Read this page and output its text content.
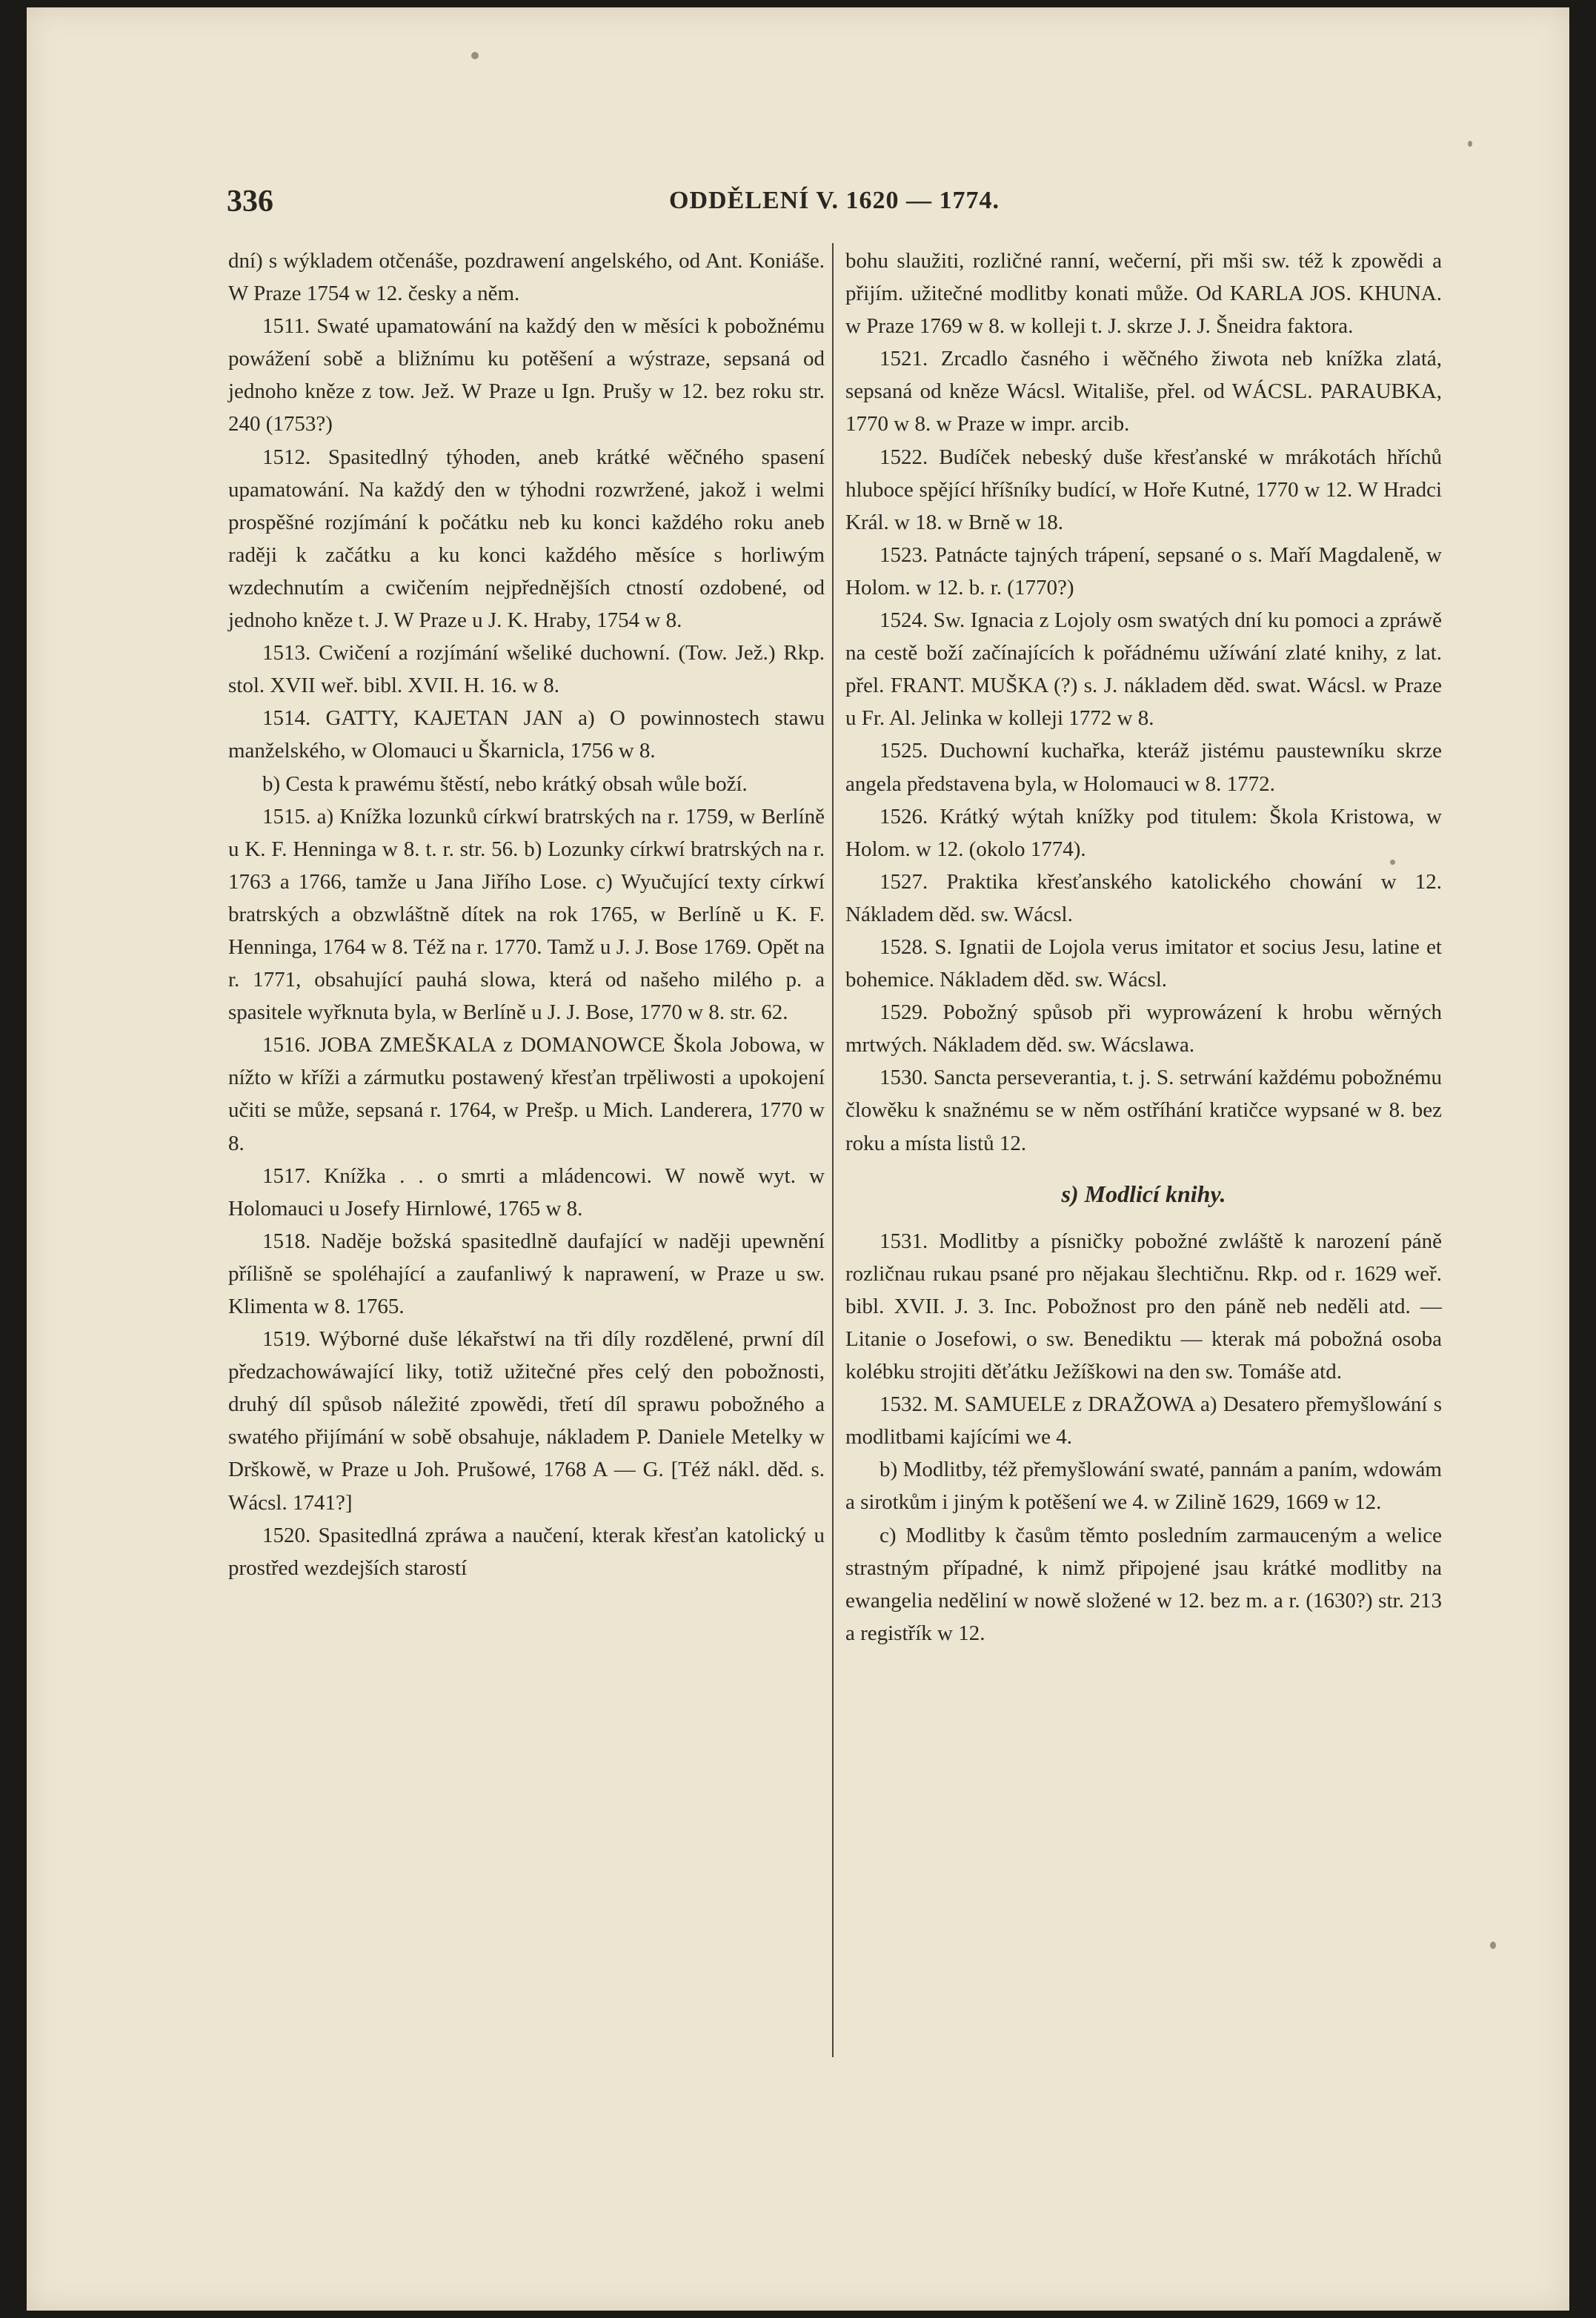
336	ODDĚLENÍ V. 1620 — 1774.

dní) s wýkladem otčenáše, pozdrawení angelského, od Ant. Koniáše. W Praze 1754 w 12. česky a něm.

1511. Swaté upamatowání na každý den w měsíci k pobožnému powážení sobě a bližnímu ku potěšení a wýstraze, sepsaná od jednoho kněze z tow. Jež. W Praze u Ign. Prušy w 12. bez roku str. 240 (1753?)

1512. Spasitedlný týhoden, aneb krátké wěčného spasení upamatowání. Na každý den w týhodni rozwržené, jakož i welmi prospěšné rozjímání k počátku neb ku konci každého roku aneb raději k začátku a ku konci každého měsíce s horliwým wzdechnutím a cwičením nejpřednějších ctností ozdobené, od jednoho kněze t. J. W Praze u J. K. Hraby, 1754 w 8.

1513. Cwičení a rozjímání wšeliké duchowní. (Tow. Jež.) Rkp. stol. XVII weř. bibl. XVII. H. 16. w 8.

1514. GATTY, KAJETAN JAN a) O powinnostech stawu manželského, w Olomauci u Škarnicla, 1756 w 8.

b) Cesta k prawému štěstí, nebo krátký obsah wůle boží.

1515. a) Knížka lozunků církwí bratrských na r. 1759, w Berlíně u K. F. Henninga w 8. t. r. str. 56. b) Lozunky církwí bratrských na r. 1763 a 1766, tamže u Jana Jiřího Lose. c) Wyučující texty církwí bratrských a obzwláštně dítek na rok 1765, w Berlíně u K. F. Henninga, 1764 w 8. Též na r. 1770. Tamž u J. J. Bose 1769. Opět na r. 1771, obsahující pauhá slowa, která od našeho milého p. a spasitele wyřknuta byla, w Berlíně u J. J. Bose, 1770 w 8. str. 62.

1516. JOBA ZMEŠKALA z DOMANOWCE Škola Jobowa, w nížto w kříži a zármutku postawený křesťan trpěliwosti a upokojení učiti se může, sepsaná r. 1764, w Prešp. u Mich. Landerera, 1770 w 8.

1517. Knížka . . o smrti a mládencowi. W nowě wyt. w Holomauci u Josefy Hirnlowé, 1765 w 8.

1518. Naděje božská spasitedlně daufající w naději upewnění přílišně se spoléhající a zaufanliwý k naprawení, w Praze u sw. Klimenta w 8. 1765.

1519. Wýborné duše lékařstwí na tři díly rozdělené, prwní díl předzachowáwající liky, totiž užitečné přes celý den pobožnosti, druhý díl spůsob náležité zpowědi, třetí díl sprawu pobožného a swatého přijímání w sobě obsahuje, nákladem P. Daniele Metelky w Drškowě, w Praze u Joh. Prušowé, 1768 A — G. [Též nákl. děd. s. Wácsl. 1741?]

1520. Spasitedlná zpráwa a naučení, kterak křesťan katolický u prostřed wezdejších starostí

bohu slaužiti, rozličné ranní, wečerní, při mši sw. též k zpowědi a přijím. užitečné modlitby konati může. Od KARLA JOS. KHUNA. w Praze 1769 w 8. w kolleji t. J. skrze J. J. Šneidra faktora.

1521. Zrcadlo časného i wěčného žiwota neb knížka zlatá, sepsaná od kněze Wácsl. Witališe, přel. od WÁCSL. PARAUBKA, 1770 w 8. w Praze w impr. arcib.

1522. Budíček nebeský duše křesťanské w mrákotách hříchů hluboce spějící hříšníky budící, w Hoře Kutné, 1770 w 12. W Hradci Král. w 18. w Brně w 18.

1523. Patnácte tajných trápení, sepsané o s. Maří Magdaleně, w Holom. w 12. b. r. (1770?)

1524. Sw. Ignacia z Lojoly osm swatých dní ku pomoci a zpráwě na cestě boží začínajících k pořádnému užíwání zlaté knihy, z lat. přel. FRANT. MUŠKA (?) s. J. nákladem děd. swat. Wácsl. w Praze u Fr. Al. Jelinka w kolleji 1772 w 8.

1525. Duchowní kuchařka, kteráž jistému paustewníku skrze angela představena byla, w Holomauci w 8. 1772.

1526. Krátký wýtah knížky pod titulem: Škola Kristowa, w Holom. w 12. (okolo 1774).

1527. Praktika křesťanského katolického chowání w 12. Nákladem děd. sw. Wácsl.

1528. S. Ignatii de Lojola verus imitator et socius Jesu, latine et bohemice. Nákladem děd. sw. Wácsl.

1529. Pobožný spůsob při wyprowázení k hrobu wěrných mrtwých. Nákladem děd. sw. Wácslawa.

1530. Sancta perseverantia, t. j. S. setrwání každému pobožnému člowěku k snažnému se w něm ostříhání kratičce wypsané w 8. bez roku a místa listů 12.

s) Modlicí knihy.

1531. Modlitby a písničky pobožné zwláště k narození páně rozličnau rukau psané pro nějakau šlechtičnu. Rkp. od r. 1629 weř. bibl. XVII. J. 3. Inc. Pobožnost pro den páně neb neděli atd. — Litanie o Josefowi, o sw. Benediktu — kterak má pobožná osoba kolébku strojiti děťátku Ježíškowi na den sw. Tomáše atd.

1532. M. SAMUELE z DRAŽOWA a) Desatero přemyšlowání s modlitbami kajícími we 4.

b) Modlitby, též přemyšlowání swaté, pannám a paním, wdowám a sirotkům i jiným k potěšení we 4. w Zilině 1629, 1669 w 12.

c) Modlitby k časům těmto posledním zarmauceným a welice strastným případné, k nimž připojené jsau krátké modlitby na ewangelia neděliní w nowě složené w 12. bez m. a r. (1630?) str. 213 a registřík w 12.
